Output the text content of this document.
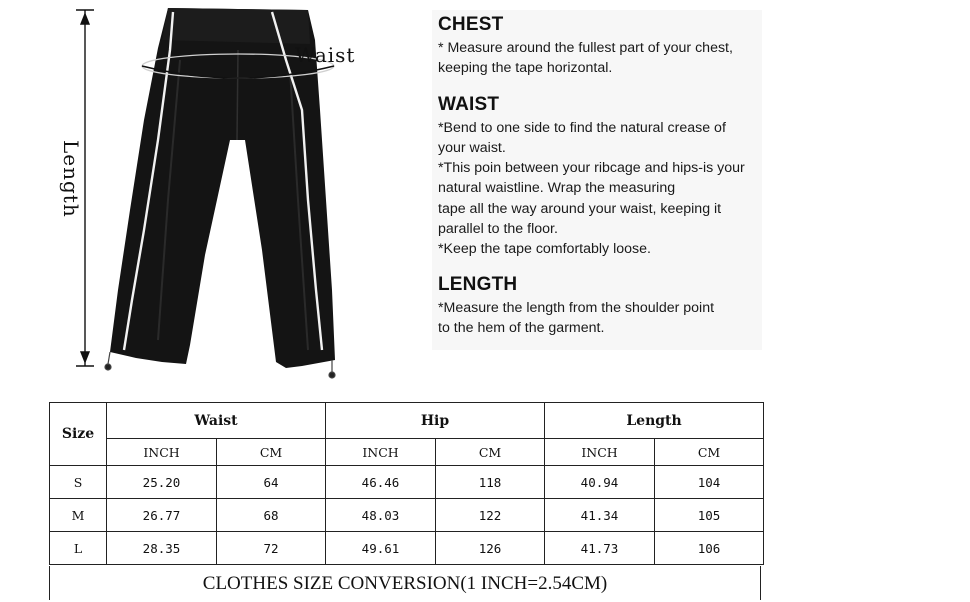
Length
Waist
CHEST

* Measure around the fullest part of your chest,

keeping the tape horizontal.

WAIST

*Bend to one side to find the natural crease of

your waist.

*This poin between your ribcage and hips-is your

natural waistline. Wrap the measuring

tape all the way around your waist, keeping it

parallel to the floor.

*Keep the tape comfortably loose.

LENGTH

*Measure the length from the shoulder point

to the hem of the garment.

Size	Waist		Hip		Length	
	INCH	CM	INCH	CM	INCH	CM
S	25.20	64	46.46	118	40.94	104
M	26.77	68	48.03	122	41.34	105
L	28.35	72	49.61	126	41.73	106
CLOTHES SIZE CONVERSION(1 INCH=2.54CM)
